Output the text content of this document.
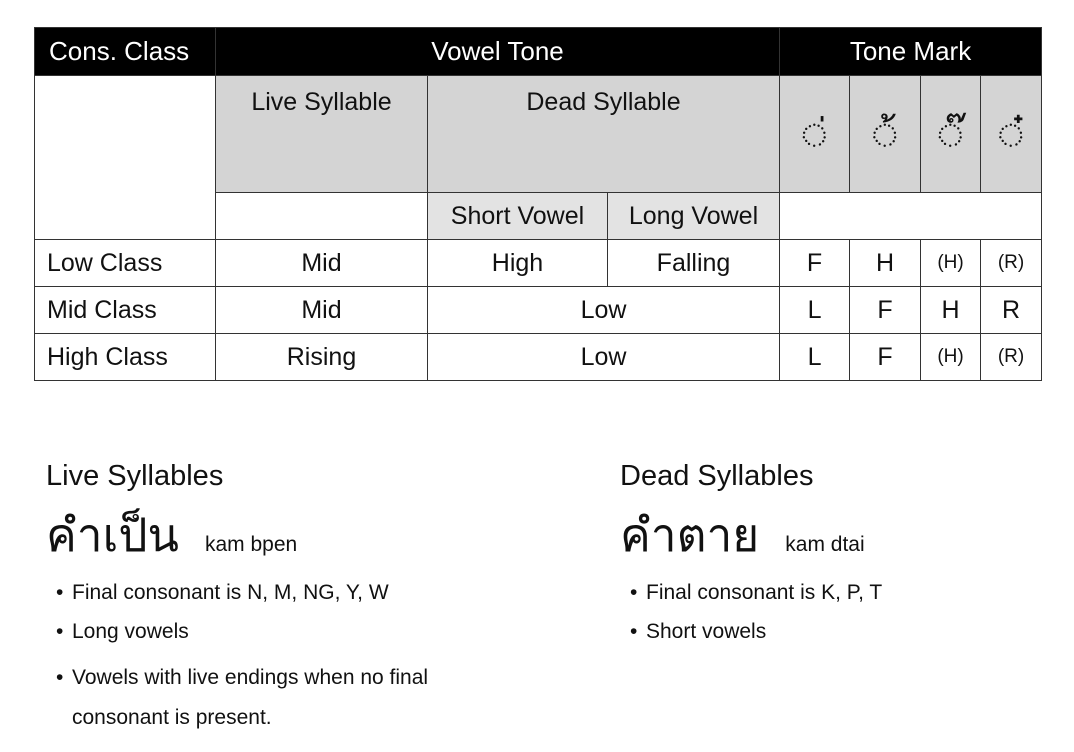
Cons. Class	Vowel Tone			Tone Mark			
	Live Syllable	Dead Syllable		◌่	◌้	◌๊	◌๋
		Short Vowel	Long Vowel				
Low Class	Mid	High	Falling	F	H	(H)	(R)
Mid Class	Mid	Low		L	F	H	R
High Class	Rising	Low		L	F	(H)	(R)
Live Syllables
คำเป็น kam bpen
• Final consonant is N, M, NG, Y, W
• Long vowels
• Vowels with live endings when no final consonant is present.
Dead Syllables
คำตาย kam dtai
• Final consonant is K, P, T
• Short vowels
